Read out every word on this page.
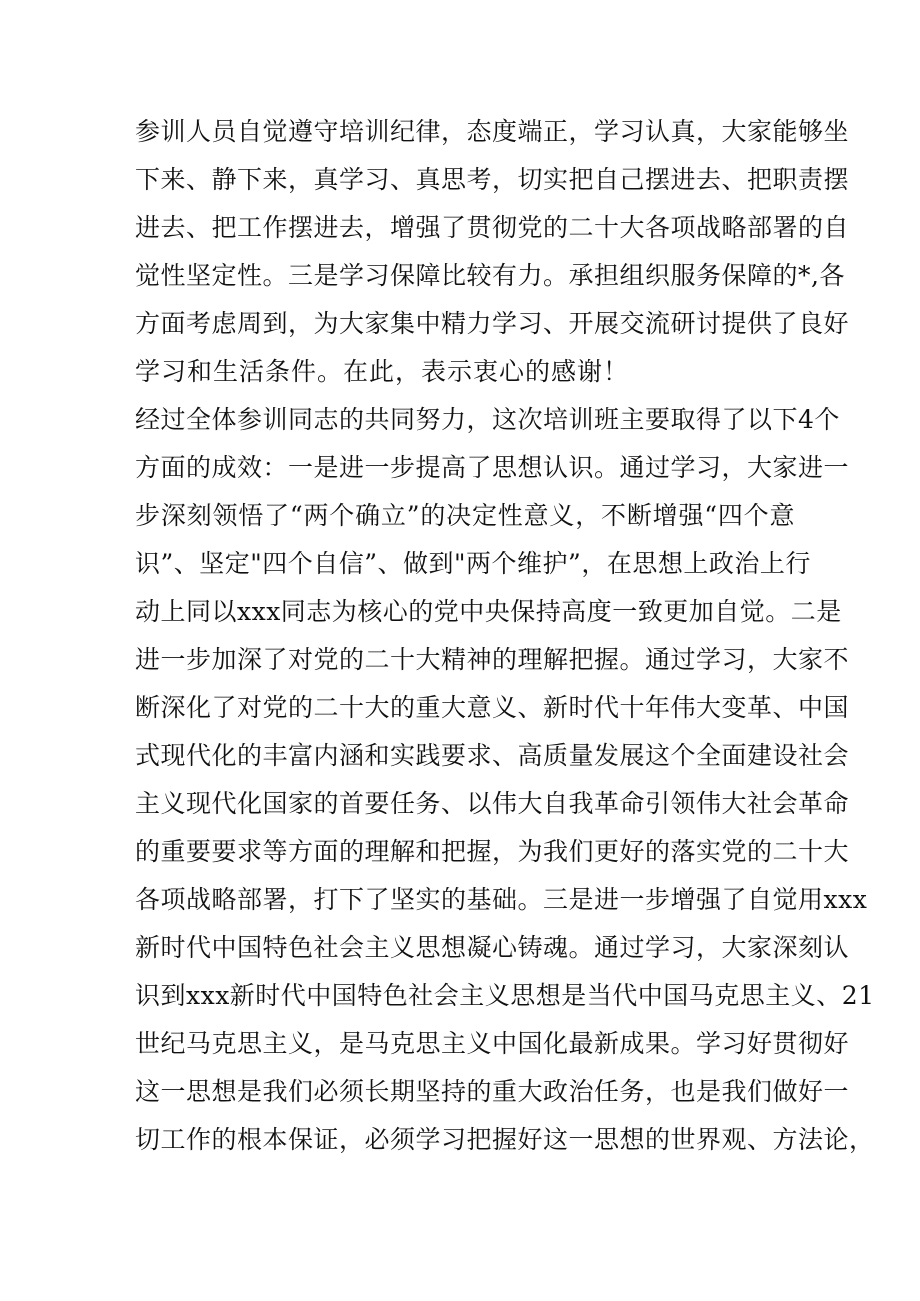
参训人员自觉遵守培训纪律，态度端正，学习认真，大家能够坐
下来、静下来，真学习、真思考，切实把自己摆进去、把职责摆
进去、把工作摆进去，增强了贯彻党的二十大各项战略部署的自
觉性坚定性。三是学习保障比较有力。承担组织服务保障的*,各
方面考虑周到，为大家集中精力学习、开展交流研讨提供了良好
学习和生活条件。在此，表示衷心的感谢！
经过全体参训同志的共同努力，这次培训班主要取得了以下4个
方面的成效：一是进一步提高了思想认识。通过学习，大家进一
步深刻领悟了“两个确立”的决定性意义，不断增强“四个意
识”、坚定"四个自信”、做到"两个维护”，在思想上政治上行
动上同以xxx同志为核心的党中央保持高度一致更加自觉。二是
进一步加深了对党的二十大精神的理解把握。通过学习，大家不
断深化了对党的二十大的重大意义、新时代十年伟大变革、中国
式现代化的丰富内涵和实践要求、高质量发展这个全面建设社会
主义现代化国家的首要任务、以伟大自我革命引领伟大社会革命
的重要要求等方面的理解和把握，为我们更好的落实党的二十大
各项战略部署，打下了坚实的基础。三是进一步增强了自觉用xxx
新时代中国特色社会主义思想凝心铸魂。通过学习，大家深刻认
识到xxx新时代中国特色社会主义思想是当代中国马克思主义、21
世纪马克思主义，是马克思主义中国化最新成果。学习好贯彻好
这一思想是我们必须长期坚持的重大政治任务，也是我们做好一
切工作的根本保证，必须学习把握好这一思想的世界观、方法论，
